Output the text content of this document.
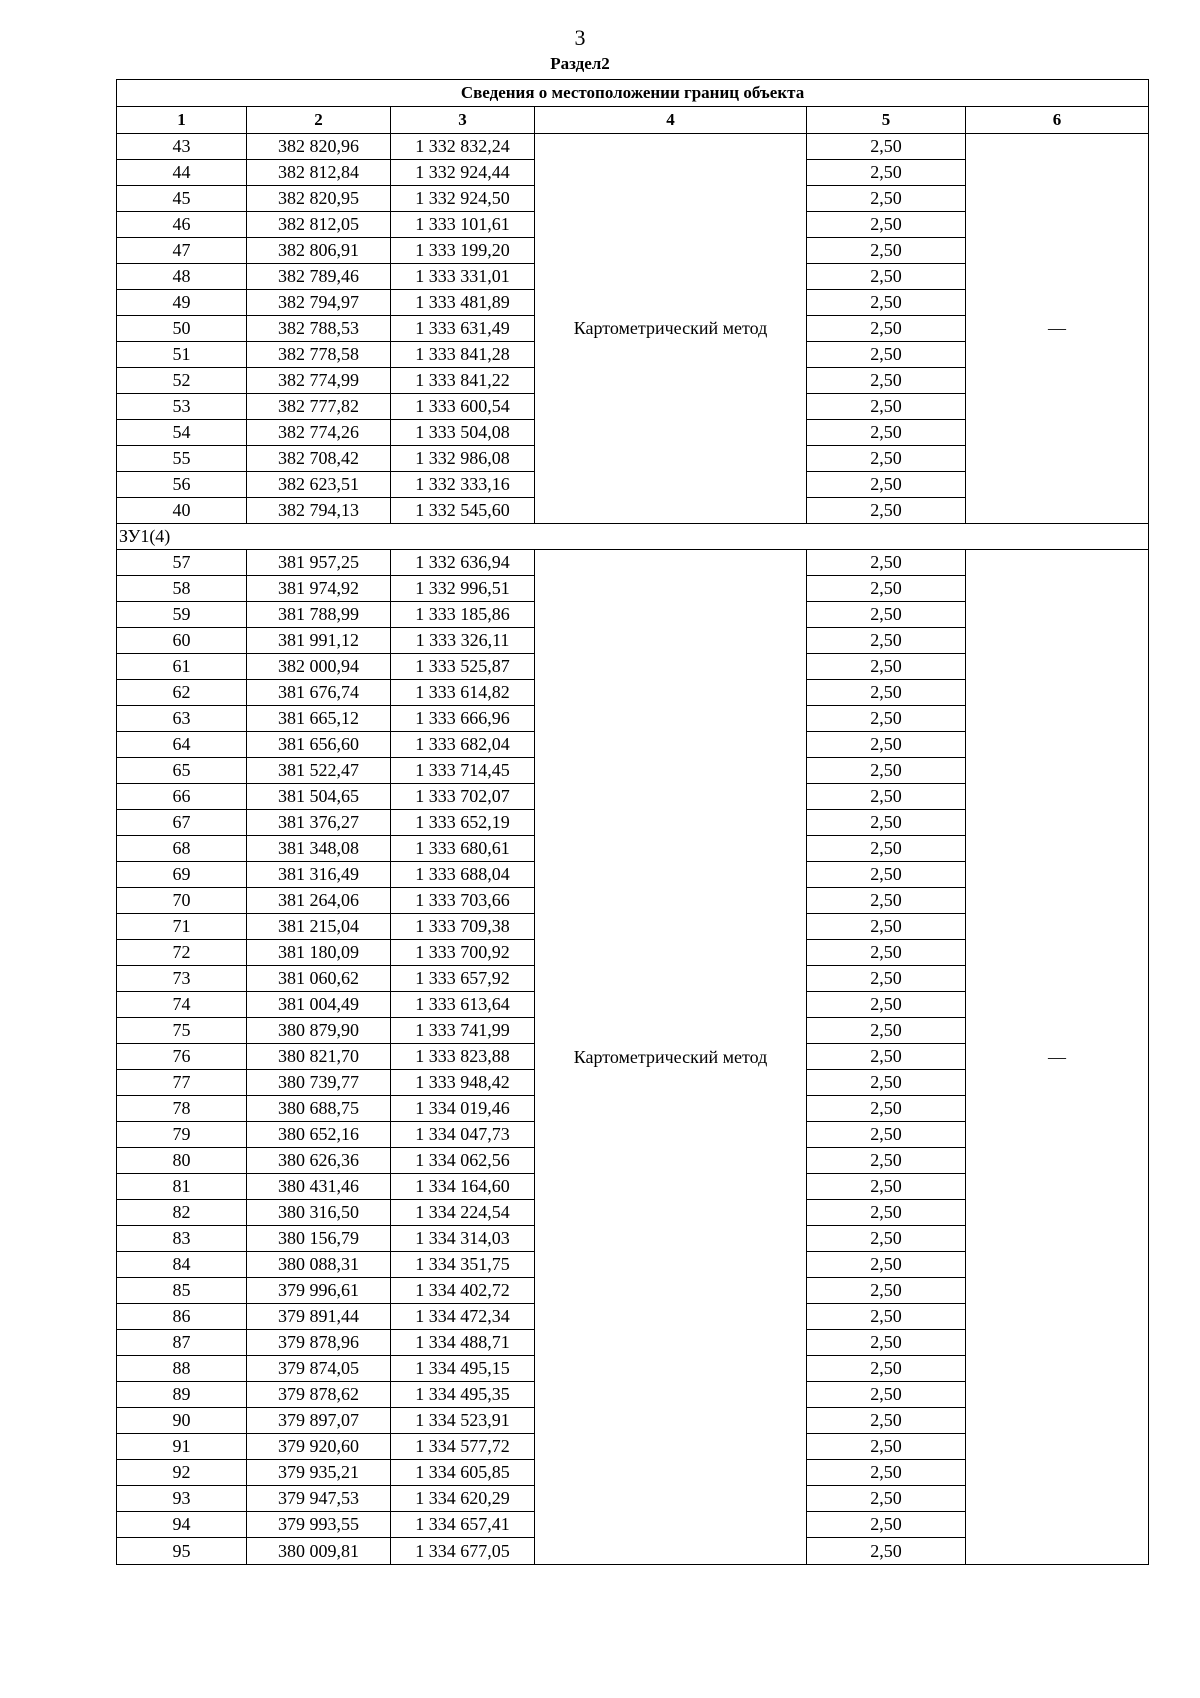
3
Раздел2
Сведения о местоположении границ объекта					
1	2	3	4	5	6
43	382 820,96	1 332 832,24	Картометрический метод	2,50	—
44	382 812,84	1 332 924,44		2,50	
45	382 820,95	1 332 924,50		2,50	
46	382 812,05	1 333 101,61		2,50	
47	382 806,91	1 333 199,20		2,50	
48	382 789,46	1 333 331,01		2,50	
49	382 794,97	1 333 481,89		2,50	
50	382 788,53	1 333 631,49		2,50	
51	382 778,58	1 333 841,28		2,50	
52	382 774,99	1 333 841,22		2,50	
53	382 777,82	1 333 600,54		2,50	
54	382 774,26	1 333 504,08		2,50	
55	382 708,42	1 332 986,08		2,50	
56	382 623,51	1 332 333,16		2,50	
40	382 794,13	1 332 545,60		2,50	
ЗУ1(4)					
57	381 957,25	1 332 636,94	Картометрический метод	2,50	—
58	381 974,92	1 332 996,51		2,50	
59	381 788,99	1 333 185,86		2,50	
60	381 991,12	1 333 326,11		2,50	
61	382 000,94	1 333 525,87		2,50	
62	381 676,74	1 333 614,82		2,50	
63	381 665,12	1 333 666,96		2,50	
64	381 656,60	1 333 682,04		2,50	
65	381 522,47	1 333 714,45		2,50	
66	381 504,65	1 333 702,07		2,50	
67	381 376,27	1 333 652,19		2,50	
68	381 348,08	1 333 680,61		2,50	
69	381 316,49	1 333 688,04		2,50	
70	381 264,06	1 333 703,66		2,50	
71	381 215,04	1 333 709,38		2,50	
72	381 180,09	1 333 700,92		2,50	
73	381 060,62	1 333 657,92		2,50	
74	381 004,49	1 333 613,64		2,50	
75	380 879,90	1 333 741,99		2,50	
76	380 821,70	1 333 823,88		2,50	
77	380 739,77	1 333 948,42		2,50	
78	380 688,75	1 334 019,46		2,50	
79	380 652,16	1 334 047,73		2,50	
80	380 626,36	1 334 062,56		2,50	
81	380 431,46	1 334 164,60		2,50	
82	380 316,50	1 334 224,54		2,50	
83	380 156,79	1 334 314,03		2,50	
84	380 088,31	1 334 351,75		2,50	
85	379 996,61	1 334 402,72		2,50	
86	379 891,44	1 334 472,34		2,50	
87	379 878,96	1 334 488,71		2,50	
88	379 874,05	1 334 495,15		2,50	
89	379 878,62	1 334 495,35		2,50	
90	379 897,07	1 334 523,91		2,50	
91	379 920,60	1 334 577,72		2,50	
92	379 935,21	1 334 605,85		2,50	
93	379 947,53	1 334 620,29		2,50	
94	379 993,55	1 334 657,41		2,50	
95	380 009,81	1 334 677,05		2,50	
